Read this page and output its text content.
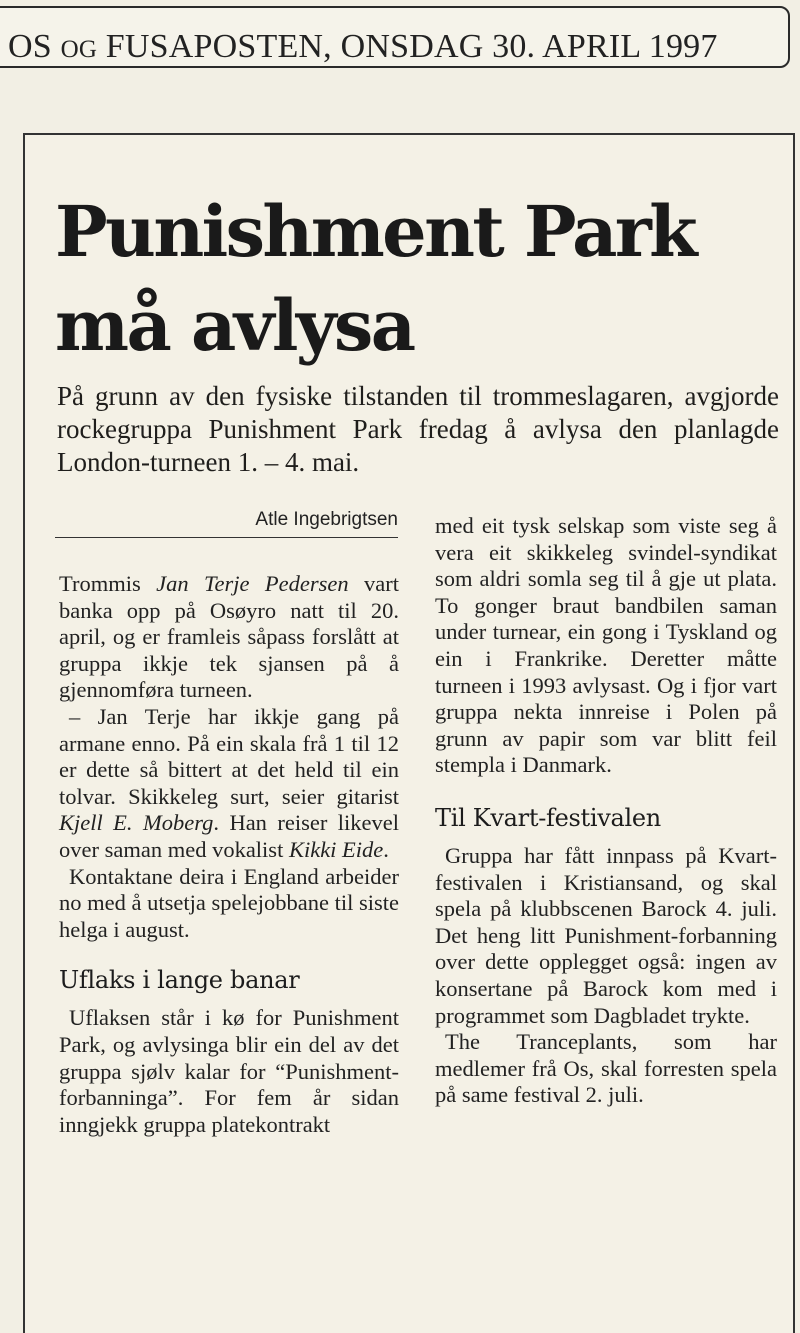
OS OG FUSAPOSTEN, ONSDAG 30. APRIL 1997
Punishment Park må avlysa

På grunn av den fysiske tilstanden til trommeslagaren, avgjorde rockegruppa Punishment Park fredag å avlysa den planlagde London-turneen 1. – 4. mai.

Atle Ingebrigtsen

Trommis Jan Terje Pedersen vart banka opp på Osøyro natt til 20. april, og er framleis såpass forslått at gruppa ikkje tek sjansen på å gjennomføra turneen.

– Jan Terje har ikkje gang på armane enno. På ein skala frå 1 til 12 er dette så bittert at det held til ein tolvar. Skikkeleg surt, seier gitarist Kjell E. Moberg. Han reiser likevel over saman med vokalist Kikki Eide.

Kontaktane deira i England arbeider no med å utsetja spelejobbane til siste helga i august.

Uflaks i lange banar

Uflaksen står i kø for Punishment Park, og avlysinga blir ein del av det gruppa sjølv kalar for “Punishment-forbanninga”. For fem år sidan inngjekk gruppa platekontrakt

med eit tysk selskap som viste seg å vera eit skikkeleg svindel-syndikat som aldri somla seg til å gje ut plata. To gonger braut bandbilen saman under turnear, ein gong i Tyskland og ein i Frankrike. Deretter måtte turneen i 1993 avlysast. Og i fjor vart gruppa nekta innreise i Polen på grunn av papir som var blitt feil stempla i Danmark.

Til Kvart-festivalen

Gruppa har fått innpass på Kvart-festivalen i Kristiansand, og skal spela på klubbscenen Barock 4. juli. Det heng litt Punishment-forbanning over dette opplegget også: ingen av konsertane på Barock kom med i programmet som Dagbladet trykte.

The Tranceplants, som har medlemer frå Os, skal forresten spela på same festival 2. juli.
